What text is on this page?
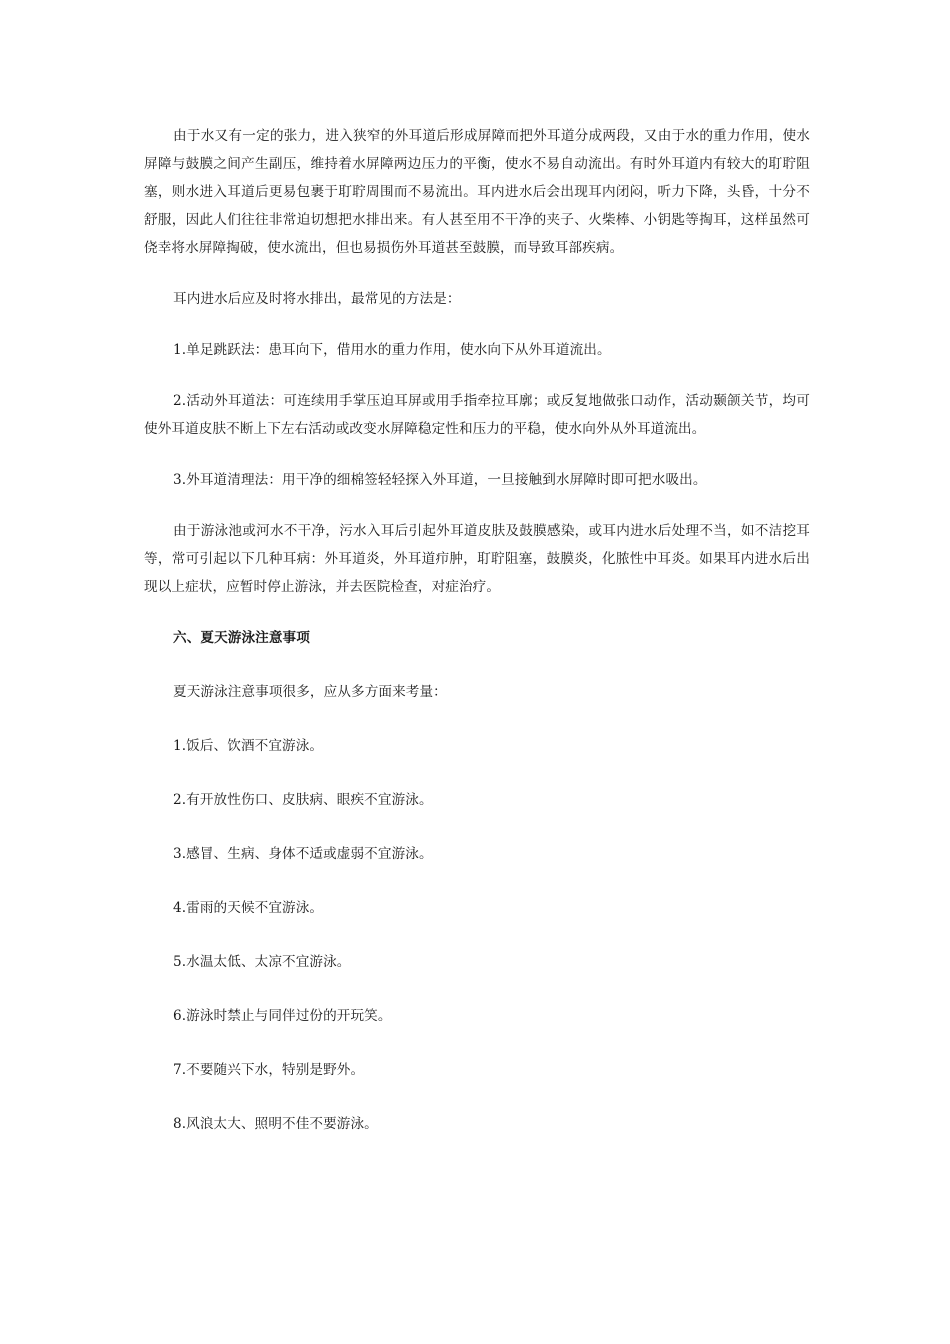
由于水又有一定的张力，进入狭窄的外耳道后形成屏障而把外耳道分成两段，又由于水的重力作用，使水屏障与鼓膜之间产生副压，维持着水屏障两边压力的平衡，使水不易自动流出。有时外耳道内有较大的耵聍阻塞，则水进入耳道后更易包裹于耵聍周围而不易流出。耳内进水后会出现耳内闭闷，听力下降，头昏，十分不舒服，因此人们往往非常迫切想把水排出来。有人甚至用不干净的夹子、火柴棒、小钥匙等掏耳，这样虽然可侥幸将水屏障掏破，使水流出，但也易损伤外耳道甚至鼓膜，而导致耳部疾病。

耳内进水后应及时将水排出，最常见的方法是：

1.单足跳跃法：患耳向下，借用水的重力作用，使水向下从外耳道流出。

2.活动外耳道法：可连续用手掌压迫耳屏或用手指牵拉耳廓；或反复地做张口动作，活动颞颌关节，均可使外耳道皮肤不断上下左右活动或改变水屏障稳定性和压力的平稳，使水向外从外耳道流出。

3.外耳道清理法：用干净的细棉签轻轻探入外耳道，一旦接触到水屏障时即可把水吸出。

由于游泳池或河水不干净，污水入耳后引起外耳道皮肤及鼓膜感染，或耳内进水后处理不当，如不洁挖耳等，常可引起以下几种耳病：外耳道炎，外耳道疖肿，耵聍阻塞，鼓膜炎，化脓性中耳炎。如果耳内进水后出现以上症状，应暂时停止游泳，并去医院检查，对症治疗。

六、夏天游泳注意事项

夏天游泳注意事项很多，应从多方面来考量：

1.饭后、饮酒不宜游泳。

2.有开放性伤口、皮肤病、眼疾不宜游泳。

3.感冒、生病、身体不适或虚弱不宜游泳。

4.雷雨的天候不宜游泳。

5.水温太低、太凉不宜游泳。

6.游泳时禁止与同伴过份的开玩笑。

7.不要随兴下水，特别是野外。

8.风浪太大、照明不佳不要游泳。
